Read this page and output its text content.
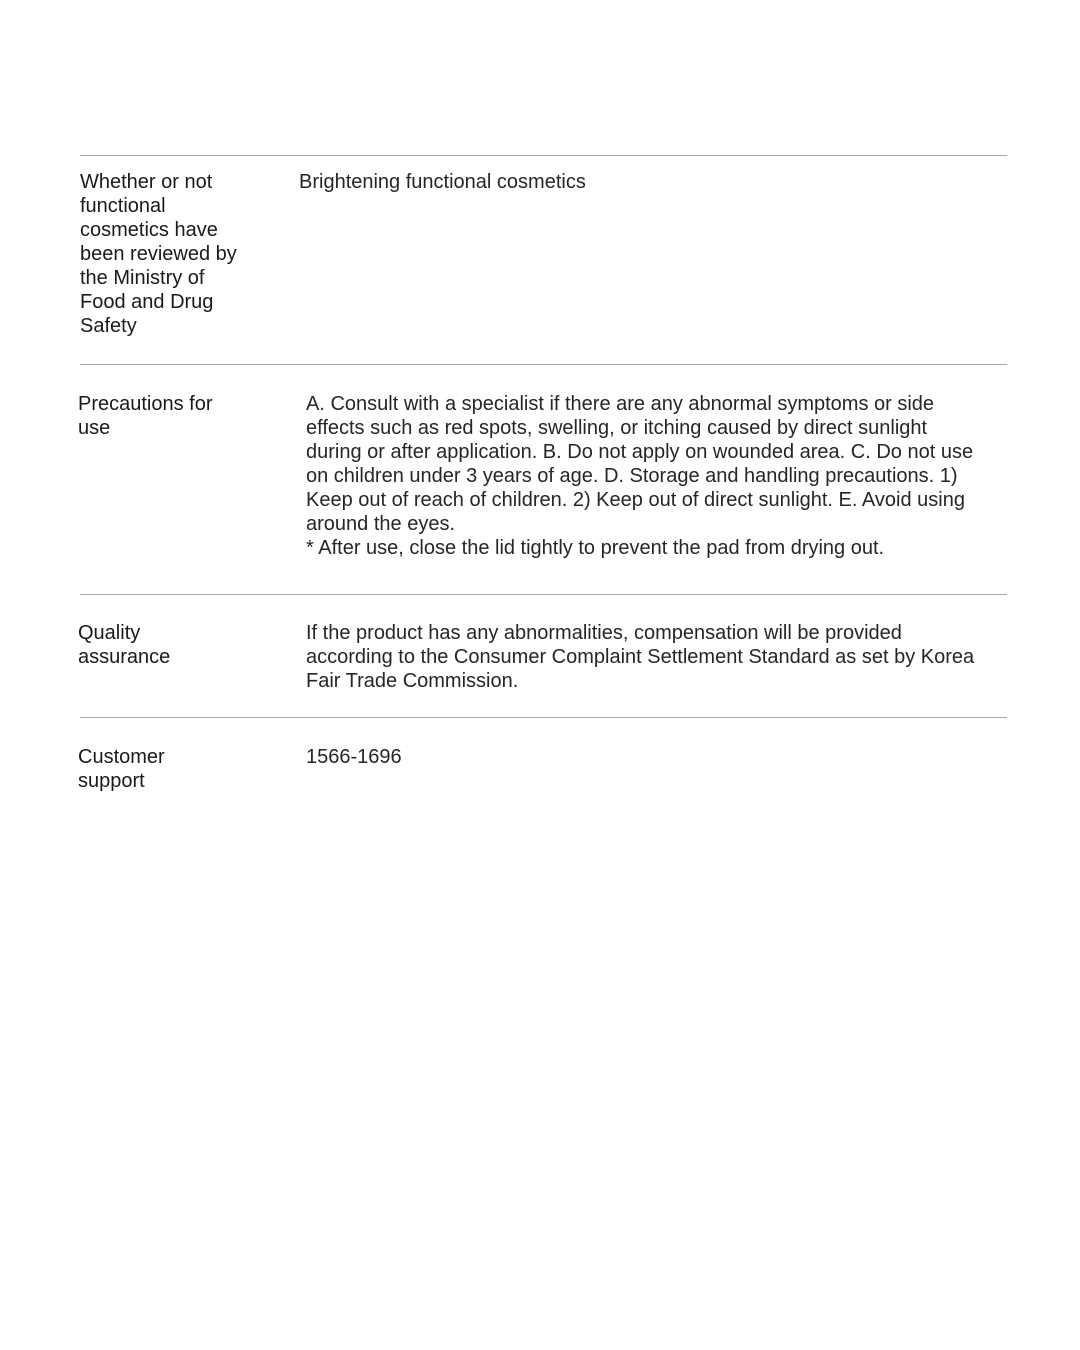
Whether or not
functional
cosmetics have
been reviewed by
the Ministry of
Food and Drug
Safety
Brightening functional cosmetics
Precautions for
use
A. Consult with a specialist if there are any abnormal symptoms or side
effects such as red spots, swelling, or itching caused by direct sunlight
during or after application. B. Do not apply on wounded area. C. Do not use
on children under 3 years of age. D. Storage and handling precautions. 1)
Keep out of reach of children. 2) Keep out of direct sunlight. E. Avoid using
around the eyes.
* After use, close the lid tightly to prevent the pad from drying out.
Quality
assurance
If the product has any abnormalities, compensation will be provided
according to the Consumer Complaint Settlement Standard as set by Korea
Fair Trade Commission.
Customer
support
1566-1696
